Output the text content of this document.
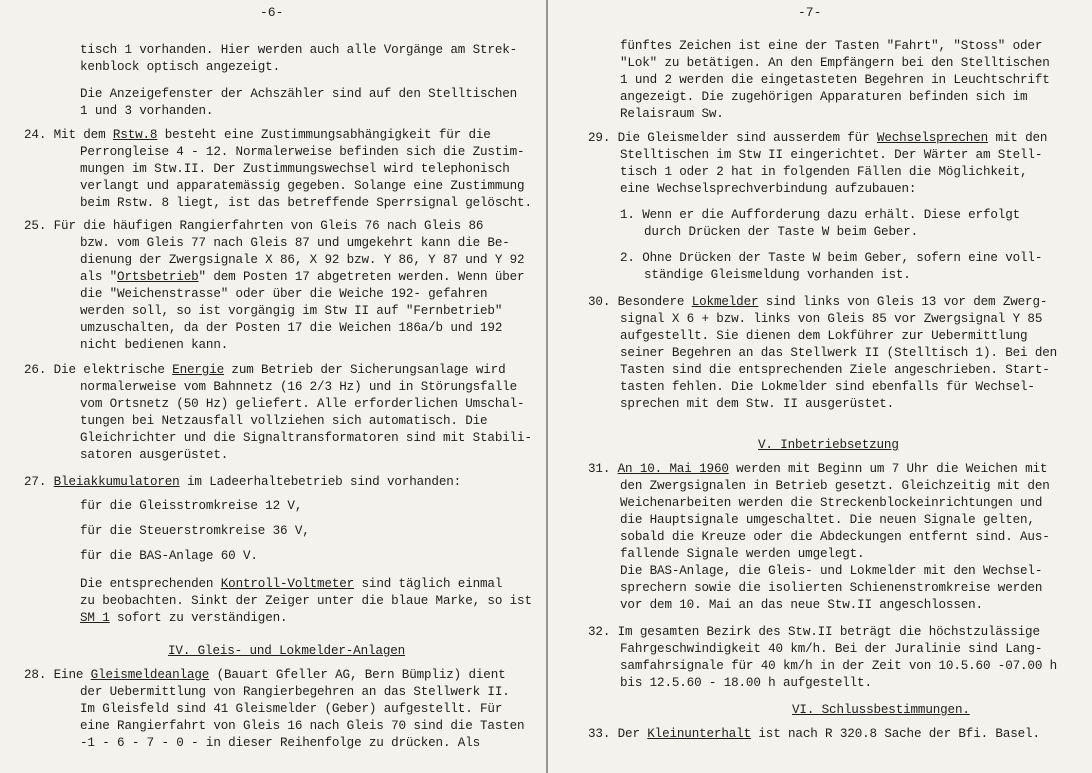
-6-
tisch 1 vorhanden. Hier werden auch alle Vorgänge am Strek-
kenblock optisch angezeigt.
Die Anzeigefenster der Achszähler sind auf den Stelltischen
1 und 3 vorhanden.
24. Mit dem Rstw.8 besteht eine Zustimmungsabhängigkeit für die
Perrongleise 4 - 12. Normalerweise befinden sich die Zustim-
mungen im Stw.II. Der Zustimmungswechsel wird telephonisch
verlangt und apparatemässig gegeben. Solange eine Zustimmung
beim Rstw. 8 liegt, ist das betreffende Sperrsignal gelöscht.
25. Für die häufigen Rangierfahrten von Gleis 76 nach Gleis 86
bzw. vom Gleis 77 nach Gleis 87 und umgekehrt kann die Be-
dienung der Zwergsignale X 86, X 92 bzw. Y 86, Y 87 und Y 92
als "Ortsbetrieb" dem Posten 17 abgetreten werden. Wenn über
die "Weichenstrasse" oder über die Weiche 192- gefahren
werden soll, so ist vorgängig im Stw II auf "Fernbetrieb"
umzuschalten, da der Posten 17 die Weichen 186a/b und 192
nicht bedienen kann.
26. Die elektrische Energie zum Betrieb der Sicherungsanlage wird
normalerweise vom Bahnnetz (16 2/3 Hz) und in Störungsfalle
vom Ortsnetz (50 Hz) geliefert. Alle erforderlichen Umschal-
tungen bei Netzausfall vollziehen sich automatisch. Die
Gleichrichter und die Signaltransformatoren sind mit Stabili-
satoren ausgerüstet.
27. Bleiakkumulatoren im Ladeerhaltebetrieb sind vorhanden:
für die Gleisstromkreise 12 V,
für die Steuerstromkreise 36 V,
für die BAS-Anlage 60 V.
Die entsprechenden Kontroll-Voltmeter sind täglich einmal
zu beobachten. Sinkt der Zeiger unter die blaue Marke, so ist
SM 1 sofort zu verständigen.
IV. Gleis- und Lokmelder-Anlagen
28. Eine Gleismeldeanlage (Bauart Gfeller AG, Bern Bümpliz) dient
der Uebermittlung von Rangierbegehren an das Stellwerk II.
Im Gleisfeld sind 41 Gleismelder (Geber) aufgestellt. Für
eine Rangierfahrt von Gleis 16 nach Gleis 70 sind die Tasten
-1 - 6 - 7 - 0 - in dieser Reihenfolge zu drücken. Als
-7-
fünftes Zeichen ist eine der Tasten "Fahrt", "Stoss" oder
"Lok" zu betätigen. An den Empfängern bei den Stelltischen
1 und 2 werden die eingetasteten Begehren in Leuchtschrift
angezeigt. Die zugehörigen Apparaturen befinden sich im
Relaisraum Sw.
29. Die Gleismelder sind ausserdem für Wechselsprechen mit den
Stelltischen im Stw II eingerichtet. Der Wärter am Stell-
tisch 1 oder 2 hat in folgenden Fällen die Möglichkeit,
eine Wechselsprechverbindung aufzubauen:
1. Wenn er die Aufforderung dazu erhält. Diese erfolgt
durch Drücken der Taste W beim Geber.
2. Ohne Drücken der Taste W beim Geber, sofern eine voll-
ständige Gleismeldung vorhanden ist.
30. Besondere Lokmelder sind links von Gleis 13 vor dem Zwerg-
signal X 6 + bzw. links von Gleis 85 vor Zwergsignal Y 85
aufgestellt. Sie dienen dem Lokführer zur Uebermittlung
seiner Begehren an das Stellwerk II (Stelltisch 1). Bei den
Tasten sind die entsprechenden Ziele angeschrieben. Start-
tasten fehlen. Die Lokmelder sind ebenfalls für Wechsel-
sprechen mit dem Stw. II ausgerüstet.
V. Inbetriebsetzung
31. An 10. Mai 1960 werden mit Beginn um 7 Uhr die Weichen mit
den Zwergsignalen in Betrieb gesetzt. Gleichzeitig mit den
Weichenarbeiten werden die Streckenblockeinrichtungen und
die Hauptsignale umgeschaltet. Die neuen Signale gelten,
sobald die Kreuze oder die Abdeckungen entfernt sind. Aus-
fallende Signale werden umgelegt.
Die BAS-Anlage, die Gleis- und Lokmelder mit den Wechsel-
sprechern sowie die isolierten Schienenstromkreise werden
vor dem 10. Mai an das neue Stw.II angeschlossen.
32. Im gesamten Bezirk des Stw.II beträgt die höchstzulässige
Fahrgeschwindigkeit 40 km/h. Bei der Juralinie sind Lang-
samfahrsignale für 40 km/h in der Zeit von 10.5.60 -07.00 h
bis 12.5.60 - 18.00 h aufgestellt.
VI. Schlussbestimmungen.
33. Der Kleinunterhalt ist nach R 320.8 Sache der Bfi. Basel.
